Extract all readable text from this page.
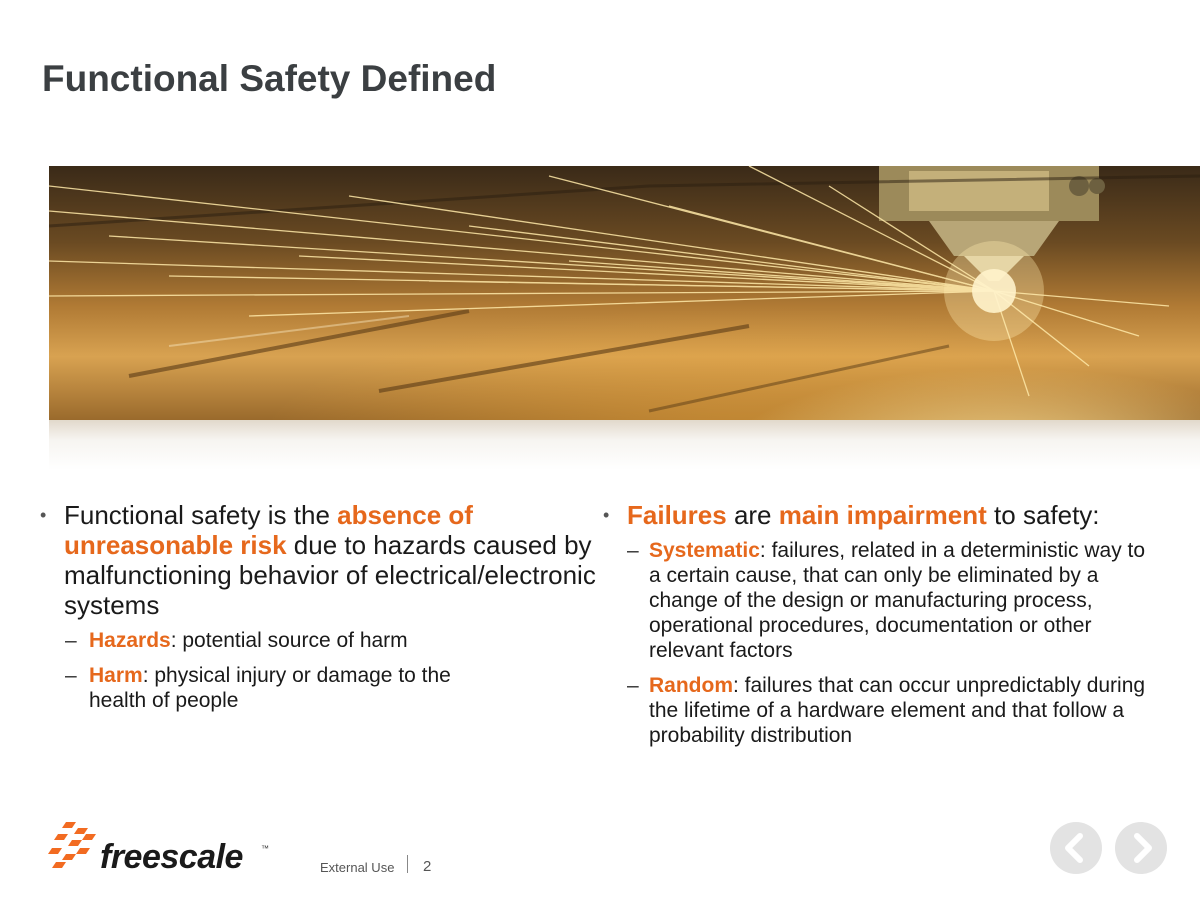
Functional Safety Defined
• Functional safety is the absence of unreasonable risk due to hazards caused by malfunctioning behavior of electrical/electronic systems
– Hazards: potential source of harm
– Harm: physical injury or damage to the health of people
• Failures are main impairment to safety:
– Systematic: failures, related in a deterministic way to a certain cause, that can only be eliminated by a change of the design or manufacturing process, operational procedures, documentation or other relevant factors
– Random: failures that can occur unpredictably during the lifetime of a hardware element and that follow a probability distribution
freescale ™
External Use 2
